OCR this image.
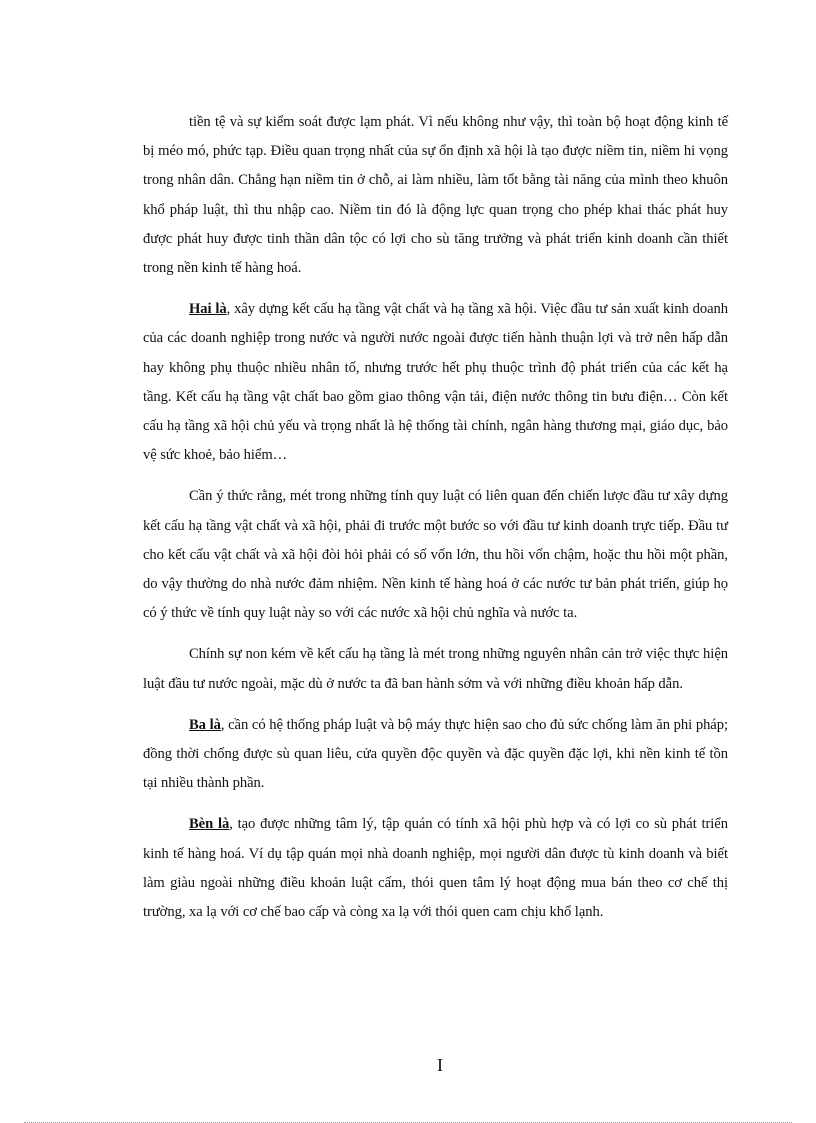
tiền tệ và sự kiểm soát được lạm phát. Vì nếu không như vậy, thì toàn bộ hoạt động kinh tế bị méo mó, phức tạp. Điều quan trọng nhất của sự ổn định xã hội là tạo được niềm tin, niềm hi vọng trong nhân dân. Chẳng hạn niềm tin ở chỗ, ai làm nhiều, làm tốt bằng tài năng của mình theo khuôn khổ pháp luật, thì thu nhập cao. Niềm tin đó là động lực quan trọng cho phép khai thác phát huy được phát huy được tinh thần dân tộc có lợi cho sù tăng trưởng và phát triển kinh doanh cần thiết trong nền kinh tế hàng hoá.

Hai là, xây dựng kết cấu hạ tầng vật chất và hạ tầng xã hội. Việc đầu tư sản xuất kinh doanh của các doanh nghiệp trong nước và người nước ngoài được tiến hành thuận lợi và trở nên hấp dẫn hay không phụ thuộc nhiều nhân tố, nhưng trước hết phụ thuộc trình độ phát triển của các kết hạ tầng. Kết cấu hạ tầng vật chất bao gồm giao thông vận tải, điện nước thông tin bưu điện… Còn kết cấu hạ tầng xã hội chủ yếu và trọng nhất là hệ thống tài chính, ngân hàng thương mại, giáo dục, bảo vệ sức khoẻ, bảo hiểm…

Cần ý thức rằng, mét trong những tính quy luật có liên quan đến chiến lược đầu tư xây dựng kết cấu hạ tầng vật chất và xã hội, phải đi trước một bước so với đầu tư kinh doanh trực tiếp. Đầu tư cho kết cấu vật chất và xã hội đòi hỏi phải có số vốn lớn, thu hồi vốn chậm, hoặc thu hồi một phần, do vậy thường do nhà nước đảm nhiệm. Nền kinh tế hàng hoá ở các nước tư bản phát triển, giúp họ có ý thức về tính quy luật này so với các nước xã hội chủ nghĩa và nước ta.

Chính sự non kém về kết cấu hạ tầng là mét trong những nguyên nhân cản trở việc thực hiện luật đầu tư nước ngoài, mặc dù ở nước ta đã ban hành sớm và với những điều khoản hấp dẫn.

Ba là, cần có hệ thống pháp luật và bộ máy thực hiện sao cho đủ sức chống làm ăn phi pháp; đồng thời chống được sù quan liêu, cửa quyền độc quyền và đặc quyền đặc lợi, khi nền kinh tế tồn tại nhiều thành phần.

Bèn là, tạo được những tâm lý, tập quán có tính xã hội phù hợp và có lợi co sù phát triển kinh tế hàng hoá. Ví dụ tập quán mọi nhà doanh nghiệp, mọi người dân được tù kinh doanh và biết làm giàu ngoài những điều khoản luật cấm, thói quen tâm lý hoạt động mua bán theo cơ chế thị trường, xa lạ với cơ chế bao cấp và còng xa lạ với thói quen cam chịu khổ lạnh.

I
